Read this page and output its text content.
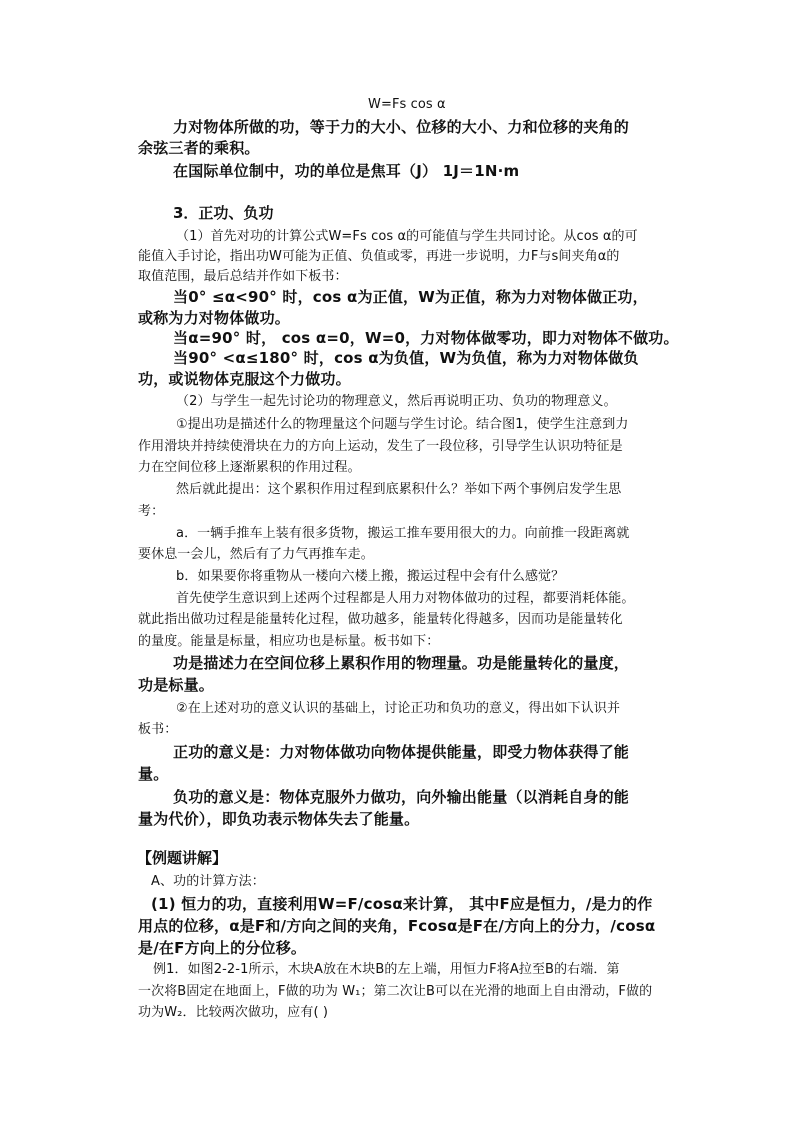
W=Fs cos α

力对物体所做的功，等于力的大小、位移的大小、力和位移的夹角的

余弦三者的乘积。

在国际单位制中，功的单位是焦耳（J） 1J＝1N·m

3．正功、负功

（1）首先对功的计算公式W=Fs cos α的可能值与学生共同讨论。从cos α的可

能值入手讨论，指出功W可能为正值、负值或零，再进一步说明，力F与s间夹角α的

取值范围，最后总结并作如下板书：

当0° ≤α<90° 时，cos α为正值，W为正值，称为力对物体做正功，

或称为力对物体做功。

当α=90° 时， cos α=0，W=0，力对物体做零功，即力对物体不做功。

当90° <α≤180° 时，cos α为负值，W为负值，称为力对物体做负

功，或说物体克服这个力做功。

（2）与学生一起先讨论功的物理意义，然后再说明正功、负功的物理意义。

①提出功是描述什么的物理量这个问题与学生讨论。结合图1，使学生注意到力

作用滑块并持续使滑块在力的方向上运动，发生了一段位移，引导学生认识功特征是

力在空间位移上逐渐累积的作用过程。

然后就此提出：这个累积作用过程到底累积什么？举如下两个事例启发学生思

考：

a．一辆手推车上装有很多货物，搬运工推车要用很大的力。向前推一段距离就

要休息一会儿，然后有了力气再推车走。

b．如果要你将重物从一楼向六楼上搬，搬运过程中会有什么感觉？

首先使学生意识到上述两个过程都是人用力对物体做功的过程，都要消耗体能。

就此指出做功过程是能量转化过程，做功越多，能量转化得越多，因而功是能量转化

的量度。能量是标量，相应功也是标量。板书如下：

功是描述力在空间位移上累积作用的物理量。功是能量转化的量度，

功是标量。

②在上述对功的意义认识的基础上，讨论正功和负功的意义，得出如下认识并

板书：

正功的意义是：力对物体做功向物体提供能量，即受力物体获得了能

量。

负功的意义是：物体克服外力做功，向外输出能量（以消耗自身的能

量为代价），即负功表示物体失去了能量。

【例题讲解】

A、功的计算方法：

(1) 恒力的功，直接利用W=F/cosα来计算， 其中F应是恒力，/是力的作

用点的位移，α是F和/方向之间的夹角，Fcosα是F在/方向上的分力，/cosα

是/在F方向上的分位移。

例1．如图2-2-1所示，木块A放在木块B的左上端，用恒力F将A拉至B的右端．第

一次将B固定在地面上，F做的功为 W₁；第二次让B可以在光滑的地面上自由滑动，F做的

功为W₂．比较两次做功，应有( )
